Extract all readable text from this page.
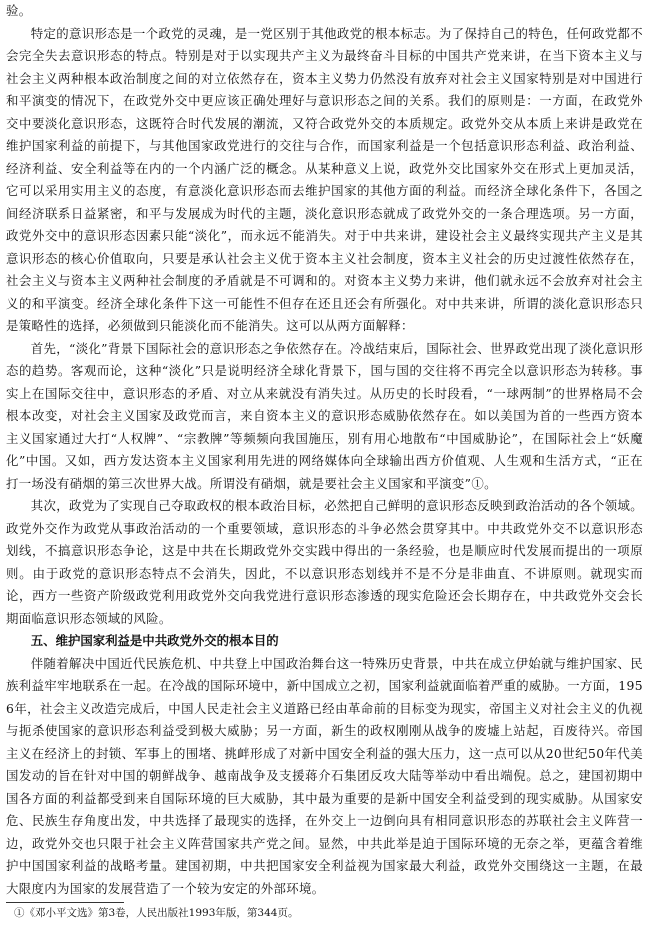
验。

特定的意识形态是一个政党的灵魂，是一党区别于其他政党的根本标志。为了保持自己的特色，任何政党都不会完全失去意识形态的特点。特别是对于以实现共产主义为最终奋斗目标的中国共产党来讲，在当下资本主义与社会主义两种根本政治制度之间的对立依然存在，资本主义势力仍然没有放弃对社会主义国家特别是对中国进行和平演变的情况下，在政党外交中更应该正确处理好与意识形态之间的关系。我们的原则是：一方面，在政党外交中要淡化意识形态，这既符合时代发展的潮流，又符合政党外交的本质规定。政党外交从本质上来讲是政党在维护国家利益的前提下，与其他国家政党进行的交往与合作，而国家利益是一个包括意识形态利益、政治利益、经济利益、安全利益等在内的一个内涵广泛的概念。从某种意义上说，政党外交比国家外交在形式上更加灵活，它可以采用实用主义的态度，有意淡化意识形态而去维护国家的其他方面的利益。而经济全球化条件下，各国之间经济联系日益紧密，和平与发展成为时代的主题，淡化意识形态就成了政党外交的一条合理选项。另一方面，政党外交中的意识形态因素只能“淡化”，而永远不能消失。对于中共来讲，建设社会主义最终实现共产主义是其意识形态的核心价值取向，只要是承认社会主义优于资本主义社会制度，资本主义社会的历史过渡性依然存在，社会主义与资本主义两种社会制度的矛盾就是不可调和的。对资本主义势力来讲，他们就永远不会放弃对社会主义的和平演变。经济全球化条件下这一可能性不但存在还且还会有所强化。对中共来讲，所谓的淡化意识形态只是策略性的选择，必须做到只能淡化而不能消失。这可以从两方面解释：

首先，“淡化”背景下国际社会的意识形态之争依然存在。冷战结束后，国际社会、世界政党出现了淡化意识形态的趋势。客观而论，这种“淡化”只是说明经济全球化背景下，国与国的交往将不再完全以意识形态为转移。事实上在国际交往中，意识形态的矛盾、对立从来就没有消失过。从历史的长时段看，“一球两制”的世界格局不会根本改变，对社会主义国家及政党而言，来自资本主义的意识形态威胁依然存在。如以美国为首的一些西方资本主义国家通过大打“人权牌”、“宗教牌”等频频向我国施压，别有用心地散布“中国威胁论”，在国际社会上“妖魔化”中国。又如，西方发达资本主义国家利用先进的网络媒体向全球输出西方价值观、人生观和生活方式，“正在打一场没有硝烟的第三次世界大战。所谓没有硝烟，就是要社会主义国家和平演变”①。

其次，政党为了实现自己夺取政权的根本政治目标，必然把自己鲜明的意识形态反映到政治活动的各个领域。政党外交作为政党从事政治活动的一个重要领域，意识形态的斗争必然会贯穿其中。中共政党外交不以意识形态划线，不搞意识形态争论，这是中共在长期政党外交实践中得出的一条经验，也是顺应时代发展而提出的一项原则。由于政党的意识形态特点不会消失，因此，不以意识形态划线并不是不分是非曲直、不讲原则。就现实而论，西方一些资产阶级政党利用政党外交向我党进行意识形态渗透的现实危险还会长期存在，中共政党外交会长期面临意识形态领域的风险。

五、维护国家利益是中共政党外交的根本目的

伴随着解决中国近代民族危机、中共登上中国政治舞台这一特殊历史背景，中共在成立伊始就与维护国家、民族利益牢牢地联系在一起。在冷战的国际环境中，新中国成立之初，国家利益就面临着严重的威胁。一方面，1956年，社会主义改造完成后，中国人民走社会主义道路已经由革命前的目标变为现实，帝国主义对社会主义的仇视与扼杀使国家的意识形态利益受到极大威胁；另一方面，新生的政权刚刚从战争的废墟上站起，百废待兴。帝国主义在经济上的封锁、军事上的围堵、挑衅形成了对新中国安全利益的强大压力，这一点可以从20世纪50年代美国发动的旨在针对中国的朝鲜战争、越南战争及支援蒋介石集团反攻大陆等举动中看出端倪。总之，建国初期中国各方面的利益都受到来自国际环境的巨大威胁，其中最为重要的是新中国安全利益受到的现实威胁。从国家安危、民族生存角度出发，中共选择了最现实的选择，在外交上一边倒向具有相同意识形态的苏联社会主义阵营一边，政党外交也只限于社会主义阵营国家共产党之间。显然，中共此举是迫于国际环境的无奈之举，更蕴含着维护中国国家利益的战略考量。建国初期，中共把国家安全利益视为国家最大利益，政党外交围绕这一主题，在最大限度内为国家的发展营造了一个较为安定的外部环境。

①《邓小平文选》第3卷，人民出版社1993年版，第344页。
